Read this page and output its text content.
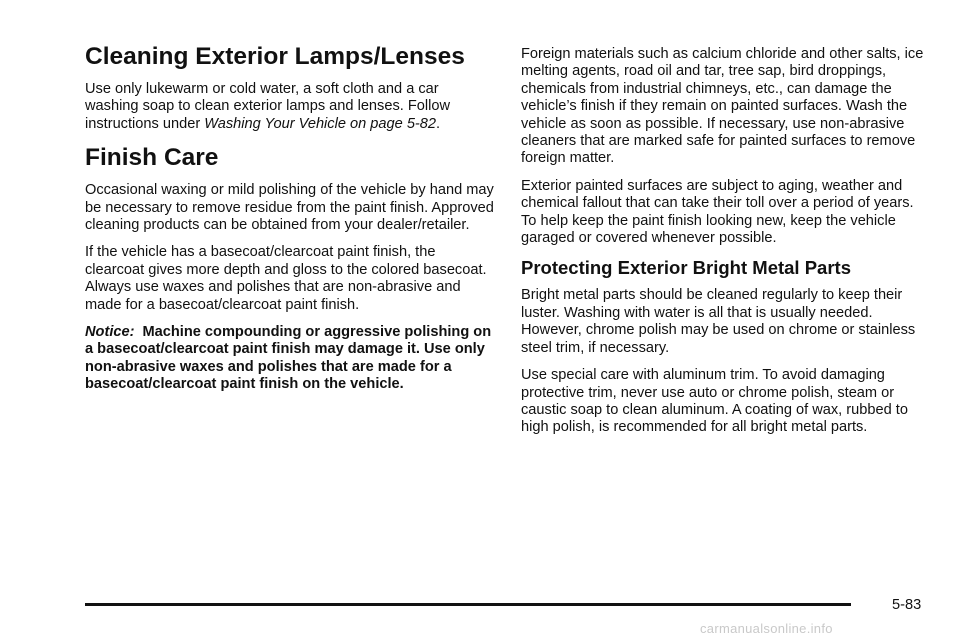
Cleaning Exterior Lamps/Lenses

Use only lukewarm or cold water, a soft cloth and a car washing soap to clean exterior lamps and lenses. Follow instructions under Washing Your Vehicle on page 5-82.

Finish Care

Occasional waxing or mild polishing of the vehicle by hand may be necessary to remove residue from the paint finish. Approved cleaning products can be obtained from your dealer/retailer.

If the vehicle has a basecoat/clearcoat paint finish, the clearcoat gives more depth and gloss to the colored basecoat. Always use waxes and polishes that are non-abrasive and made for a basecoat/clearcoat paint finish.

Notice: Machine compounding or aggressive polishing on a basecoat/clearcoat paint finish may damage it. Use only non-abrasive waxes and polishes that are made for a basecoat/clearcoat paint finish on the vehicle.

Foreign materials such as calcium chloride and other salts, ice melting agents, road oil and tar, tree sap, bird droppings, chemicals from industrial chimneys, etc., can damage the vehicle’s finish if they remain on painted surfaces. Wash the vehicle as soon as possible. If necessary, use non-abrasive cleaners that are marked safe for painted surfaces to remove foreign matter.

Exterior painted surfaces are subject to aging, weather and chemical fallout that can take their toll over a period of years. To help keep the paint finish looking new, keep the vehicle garaged or covered whenever possible.

Protecting Exterior Bright Metal Parts

Bright metal parts should be cleaned regularly to keep their luster. Washing with water is all that is usually needed. However, chrome polish may be used on chrome or stainless steel trim, if necessary.

Use special care with aluminum trim. To avoid damaging protective trim, never use auto or chrome polish, steam or caustic soap to clean aluminum. A coating of wax, rubbed to high polish, is recommended for all bright metal parts.

5-83
carmanualsonline.info
